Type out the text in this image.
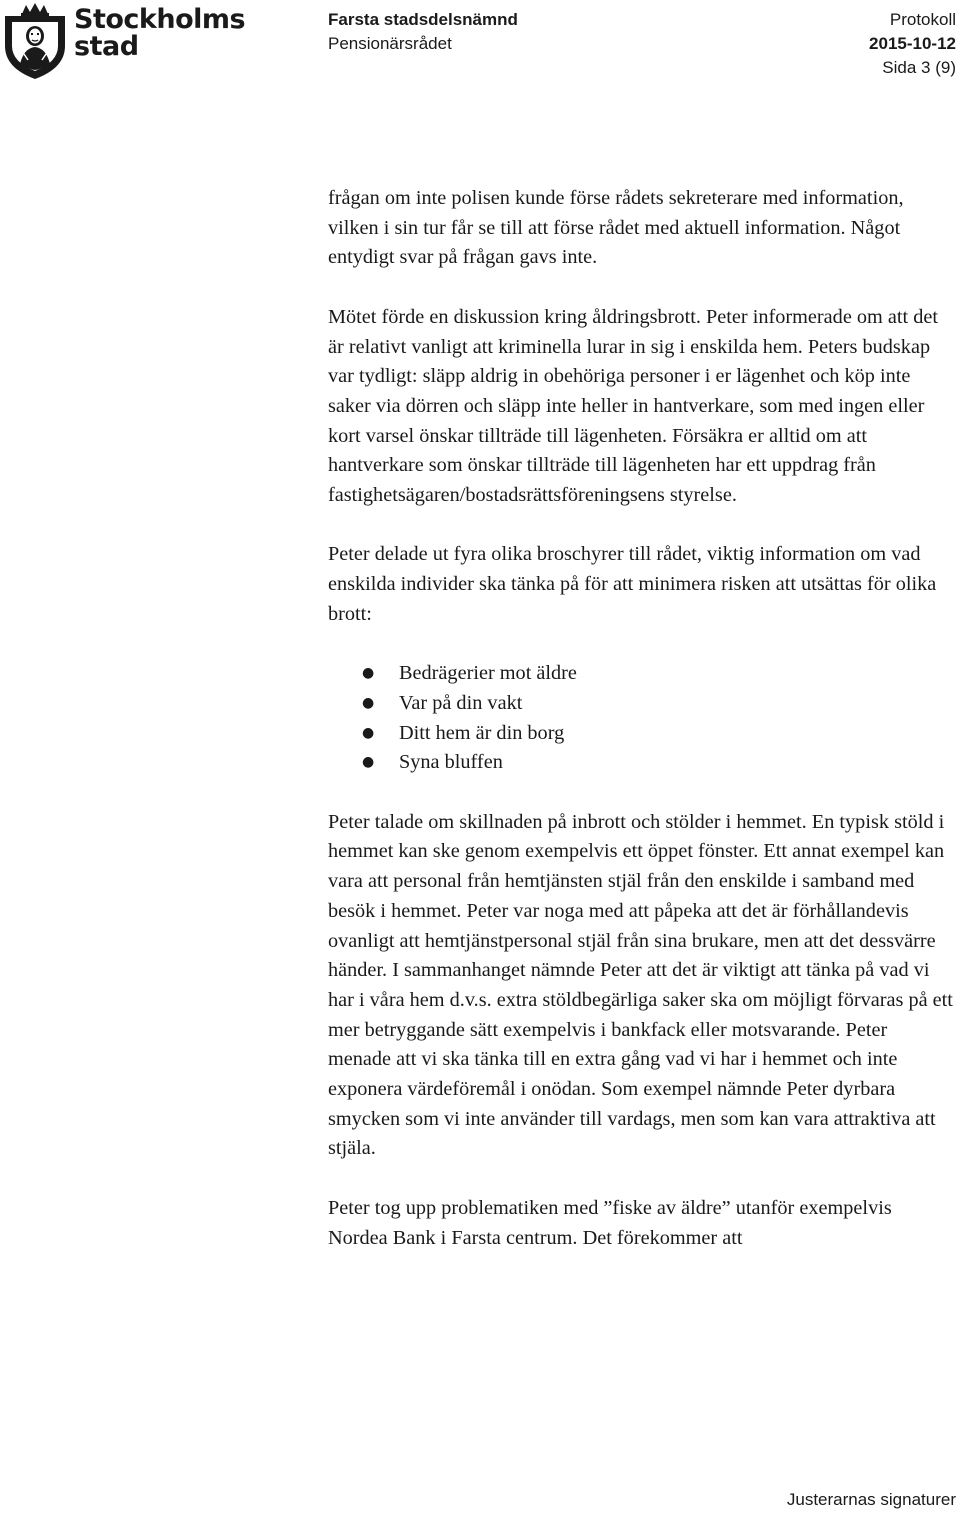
Stockholms
stad
Farsta stadsdelsnämnd
Pensionärsrådet
Protokoll
2015-10-12
Sida 3 (9)

frågan om inte polisen kunde förse rådets sekreterare med information, vilken i sin tur får se till att förse rådet med aktuell information. Något entydigt svar på frågan gavs inte.

Mötet förde en diskussion kring åldringsbrott. Peter informerade om att det är relativt vanligt att kriminella lurar in sig i enskilda hem. Peters budskap var tydligt: släpp aldrig in obehöriga personer i er lägenhet och köp inte saker via dörren och släpp inte heller in hantverkare, som med ingen eller kort varsel önskar tillträde till lägenheten. Försäkra er alltid om att hantverkare som önskar tillträde till lägenheten har ett uppdrag från fastighetsägaren/bostadsrättsföreningsens styrelse.

Peter delade ut fyra olika broschyrer till rådet, viktig information om vad enskilda individer ska tänka på för att minimera risken att utsättas för olika brott:

● Bedrägerier mot äldre
● Var på din vakt
● Ditt hem är din borg
● Syna bluffen

Peter talade om skillnaden på inbrott och stölder i hemmet. En typisk stöld i hemmet kan ske genom exempelvis ett öppet fönster. Ett annat exempel kan vara att personal från hemtjänsten stjäl från den enskilde i samband med besök i hemmet. Peter var noga med att påpeka att det är förhållandevis ovanligt att hemtjänstpersonal stjäl från sina brukare, men att det dessvärre händer. I sammanhanget nämnde Peter att det är viktigt att tänka på vad vi har i våra hem d.v.s. extra stöldbegärliga saker ska om möjligt förvaras på ett mer betryggande sätt exempelvis i bankfack eller motsvarande. Peter menade att vi ska tänka till en extra gång vad vi har i hemmet och inte exponera värdeföremål i onödan. Som exempel nämnde Peter dyrbara smycken som vi inte använder till vardags, men som kan vara attraktiva att stjäla.

Peter tog upp problematiken med ”fiske av äldre” utanför exempelvis Nordea Bank i Farsta centrum. Det förekommer att

Justerarnas signaturer
